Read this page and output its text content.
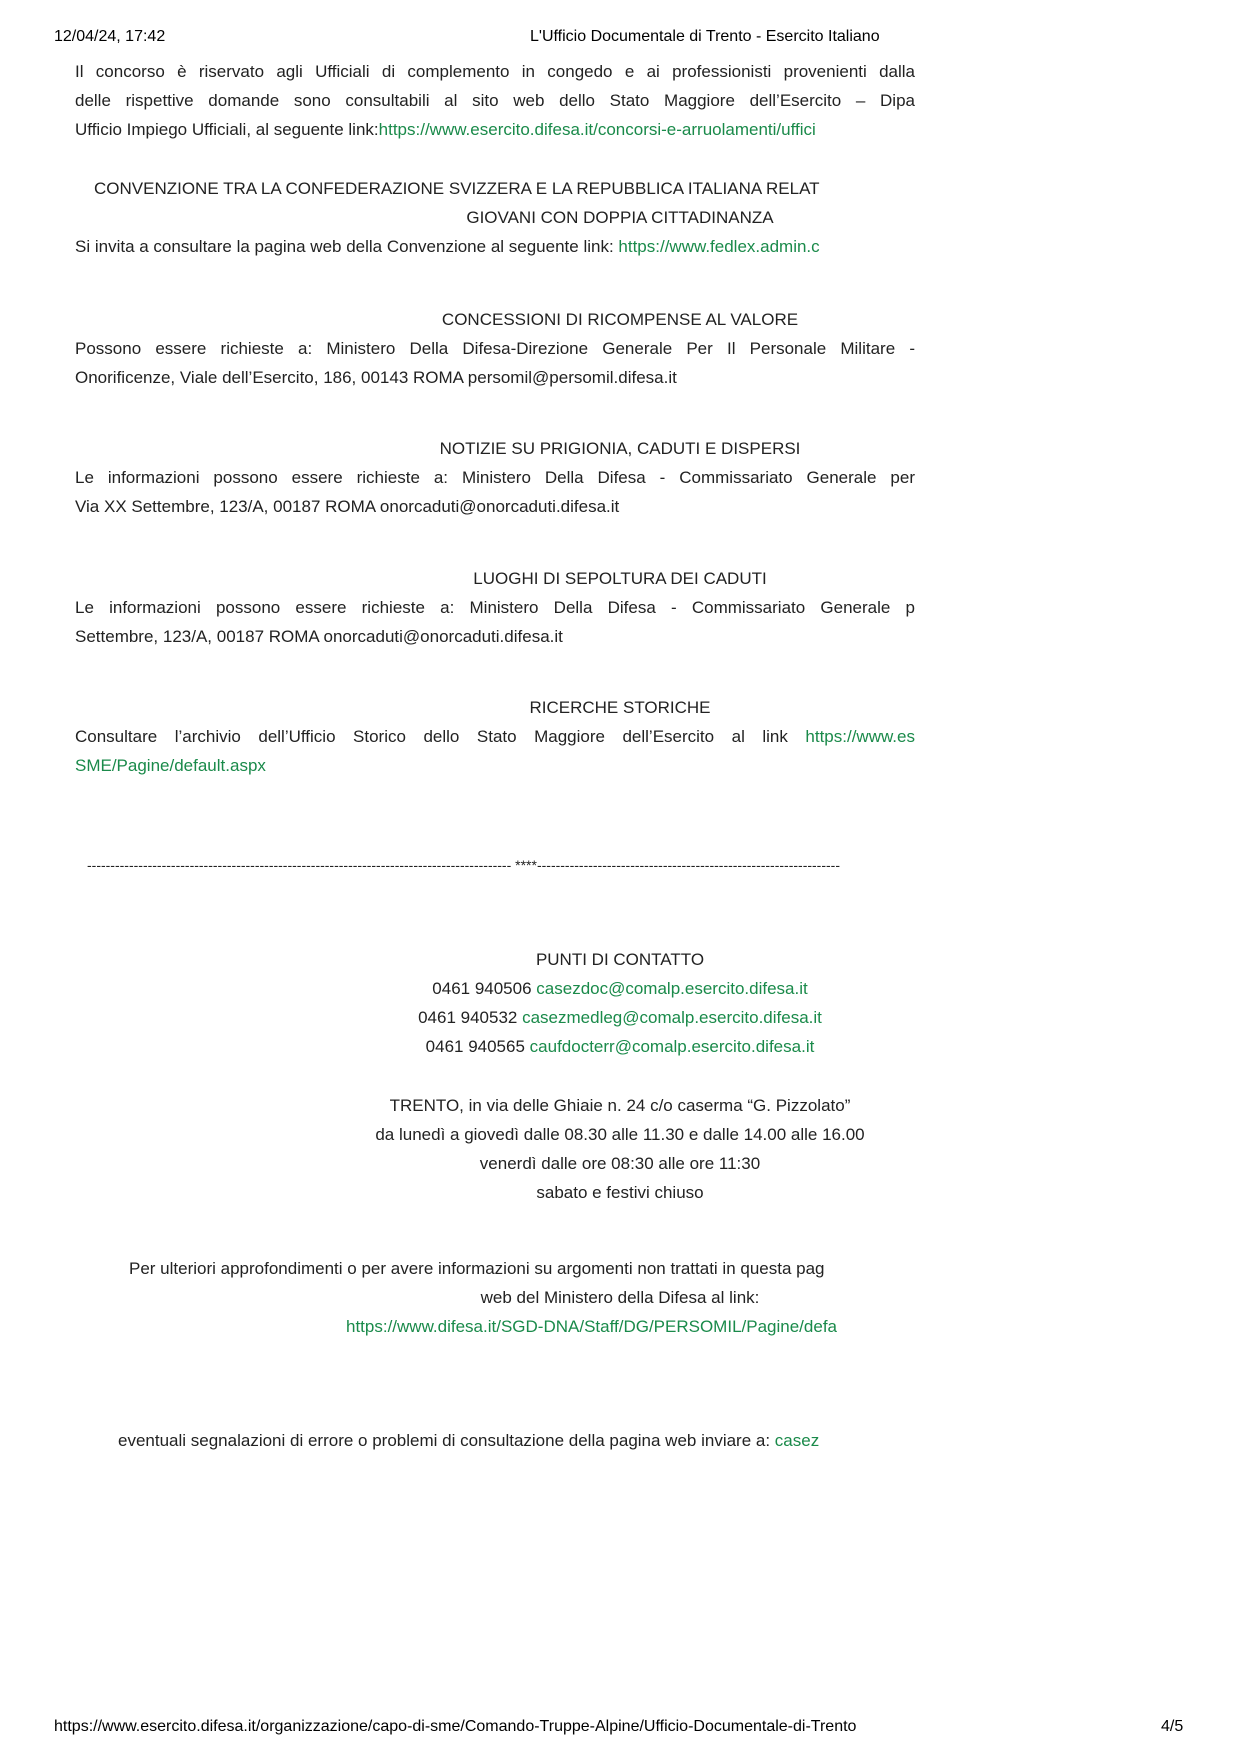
12/04/24, 17:42	L'Ufficio Documentale di Trento - Esercito Italiano
Il concorso è riservato agli Ufficiali di complemento in congedo e ai professionisti provenienti dalla
delle rispettive domande sono consultabili al sito web dello Stato Maggiore dell’Esercito – Dipa
Ufficio Impiego Ufficiali, al seguente link:https://www.esercito.difesa.it/concorsi-e-arruolamenti/uffici
CONVENZIONE TRA LA CONFEDERAZIONE SVIZZERA E LA REPUBBLICA ITALIANA RELAT
GIOVANI CON DOPPIA CITTADINANZA
Si invita a consultare la pagina web della Convenzione al seguente link: https://www.fedlex.admin.c
CONCESSIONI DI RICOMPENSE AL VALORE
Possono essere richieste a: Ministero Della Difesa-Direzione Generale Per Il Personale Militare -
Onorificenze, Viale dell’Esercito, 186, 00143 ROMA persomil@persomil.difesa.it
NOTIZIE SU PRIGIONIA, CADUTI E DISPERSI
Le informazioni possono essere richieste a: Ministero Della Difesa - Commissariato Generale per
Via XX Settembre, 123/A, 00187 ROMA onorcaduti@onorcaduti.difesa.it
LUOGHI DI SEPOLTURA DEI CADUTI
Le informazioni possono essere richieste a: Ministero Della Difesa - Commissariato Generale p
Settembre, 123/A, 00187 ROMA onorcaduti@onorcaduti.difesa.it
RICERCHE STORICHE
Consultare l’archivio dell’Ufficio Storico dello Stato Maggiore dell’Esercito al link https://www.es
SME/Pagine/default.aspx
------------------------------------------------------------------------------------------- ****-----------------------------------------------------------------
PUNTI DI CONTATTO
0461 940506 casezdoc@comalp.esercito.difesa.it
0461 940532 casezmedleg@comalp.esercito.difesa.it
0461 940565 caufdocterr@comalp.esercito.difesa.it
TRENTO, in via delle Ghiaie n. 24 c/o caserma “G. Pizzolato”
da lunedì a giovedì dalle 08.30 alle 11.30 e dalle 14.00 alle 16.00
venerdì dalle ore 08:30 alle ore 11:30
sabato e festivi chiuso
Per ulteriori approfondimenti o per avere informazioni su argomenti non trattati in questa pag
web del Ministero della Difesa al link:
https://www.difesa.it/SGD-DNA/Staff/DG/PERSOMIL/Pagine/defa
eventuali segnalazioni di errore o problemi di consultazione della pagina web inviare a: casez
https://www.esercito.difesa.it/organizzazione/capo-di-sme/Comando-Truppe-Alpine/Ufficio-Documentale-di-Trento	4/5
